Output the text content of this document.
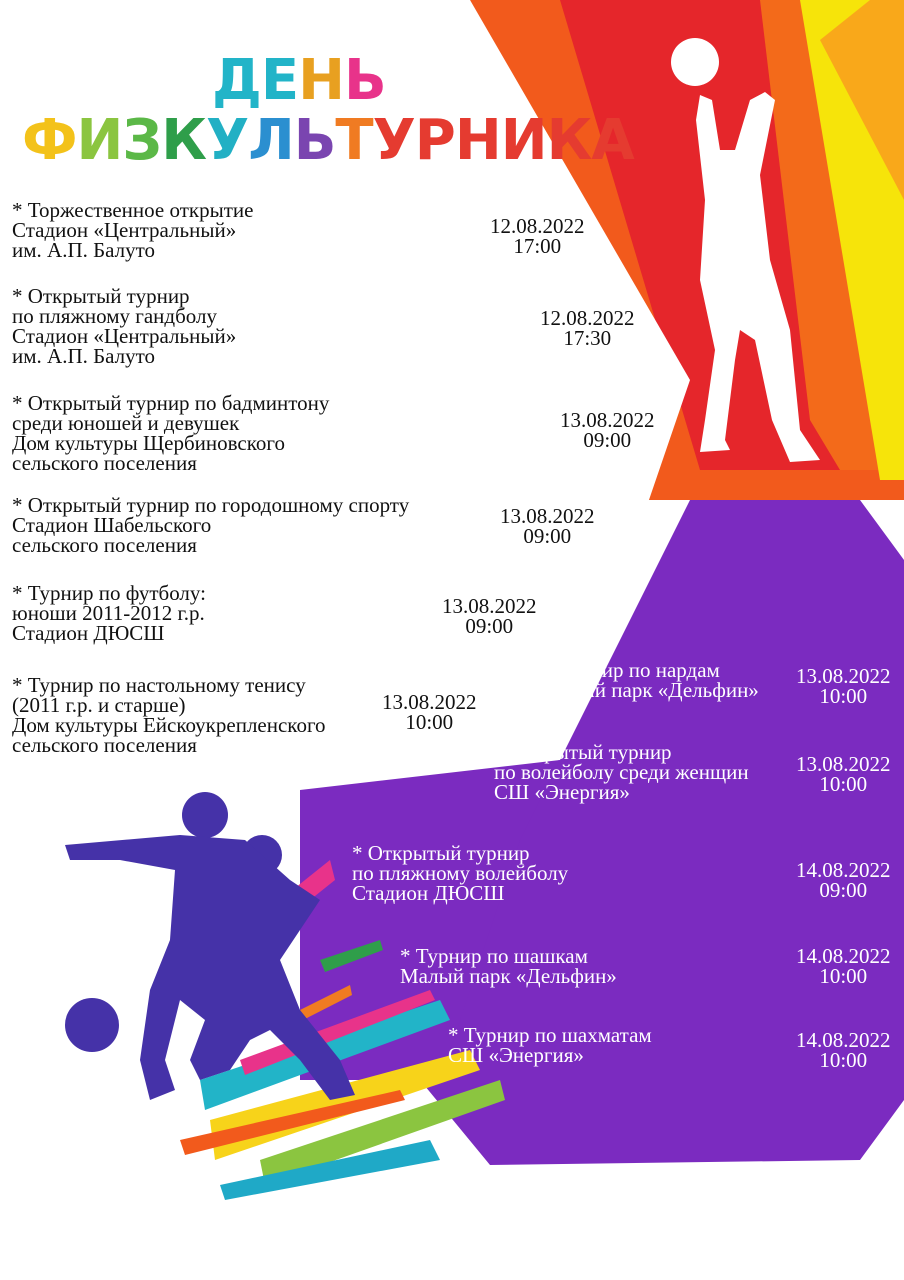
ДЕНЬ
ФИЗКУЛЬТУРНИКА

* Торжественное открытие
Стадион «Центральный»
им. А.П. Балуто

12.08.2022
17:00

* Открытый турнир
по пляжному гандболу
Стадион «Центральный»
им. А.П. Балуто

12.08.2022
17:30

* Открытый турнир по бадминтону
среди юношей и девушек
Дом культуры Щербиновского
сельского поселения

13.08.2022
09:00

* Открытый турнир по городошному спорту
Стадион Шабельского
сельского поселения

13.08.2022
09:00

* Турнир по футболу:
юноши 2011-2012 г.р.
Стадион ДЮСШ

13.08.2022
09:00

* Турнир по настольному тенису
(2011 г.р. и старше)
Дом культуры Ейскоукрепленского
сельского поселения

13.08.2022
10:00

* Турнир по нардам
Малый парк «Дельфин»

13.08.2022
10:00

* Открытый турнир
по волейболу среди женщин
СШ «Энергия»

13.08.2022
10:00

* Открытый турнир
по пляжному волейболу
Стадион ДЮСШ

14.08.2022
09:00

* Турнир по шашкам
Малый парк «Дельфин»

14.08.2022
10:00

* Турнир по шахматам
СШ «Энергия»

14.08.2022
10:00
